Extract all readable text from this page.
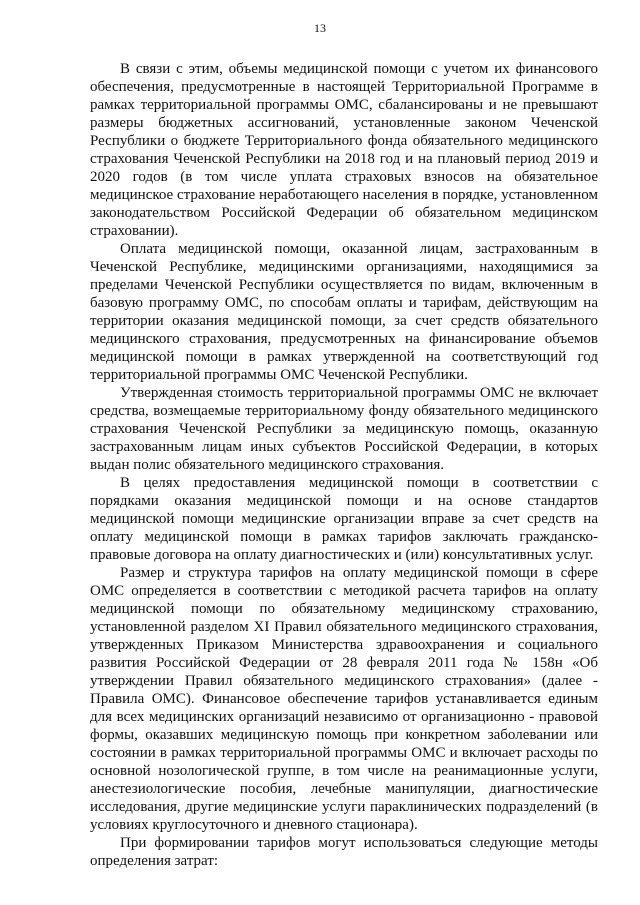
13

В связи с этим, объемы медицинской помощи с учетом их финансового обеспечения, предусмотренные в настоящей Территориальной Программе в рамках территориальной программы ОМС, сбалансированы и не превышают размеры бюджетных ассигнований, установленные законом Чеченской Республики о бюджете Территориального фонда обязательного медицинского страхования Чеченской Республики на 2018 год и на плановый период 2019 и 2020 годов (в том числе уплата страховых взносов на обязательное медицинское страхование неработающего населения в порядке, установленном законодательством Российской Федерации об обязательном медицинском страховании).

Оплата медицинской помощи, оказанной лицам, застрахованным в Чеченской Республике, медицинскими организациями, находящимися за пределами Чеченской Республики осуществляется по видам, включенным в базовую программу ОМС, по способам оплаты и тарифам, действующим на территории оказания медицинской помощи, за счет средств обязательного медицинского страхования, предусмотренных на финансирование объемов медицинской помощи в рамках утвержденной на соответствующий год территориальной программы ОМС Чеченской Республики.

Утвержденная стоимость территориальной программы ОМС не включает средства, возмещаемые территориальному фонду обязательного медицинского страхования Чеченской Республики за медицинскую помощь, оказанную застрахованным лицам иных субъектов Российской Федерации, в которых выдан полис обязательного медицинского страхования.

В целях предоставления медицинской помощи в соответствии с порядками оказания медицинской помощи и на основе стандартов медицинской помощи медицинские организации вправе за счет средств на оплату медицинской помощи в рамках тарифов заключать гражданско-правовые договора на оплату диагностических и (или) консультативных услуг.

Размер и структура тарифов на оплату медицинской помощи в сфере ОМС определяется в соответствии с методикой расчета тарифов на оплату медицинской помощи по обязательному медицинскому страхованию, установленной разделом XI Правил обязательного медицинского страхования, утвержденных Приказом Министерства здравоохранения и социального развития Российской Федерации от 28 февраля 2011 года № 158н «Об утверждении Правил обязательного медицинского страхования» (далее - Правила ОМС). Финансовое обеспечение тарифов устанавливается единым для всех медицинских организаций независимо от организационно - правовой формы, оказавших медицинскую помощь при конкретном заболевании или состоянии в рамках территориальной программы ОМС и включает расходы по основной нозологической группе, в том числе на реанимационные услуги, анестезиологические пособия, лечебные манипуляции, диагностические исследования, другие медицинские услуги параклинических подразделений (в условиях круглосуточного и дневного стационара).

При формировании тарифов могут использоваться следующие методы определения затрат:
